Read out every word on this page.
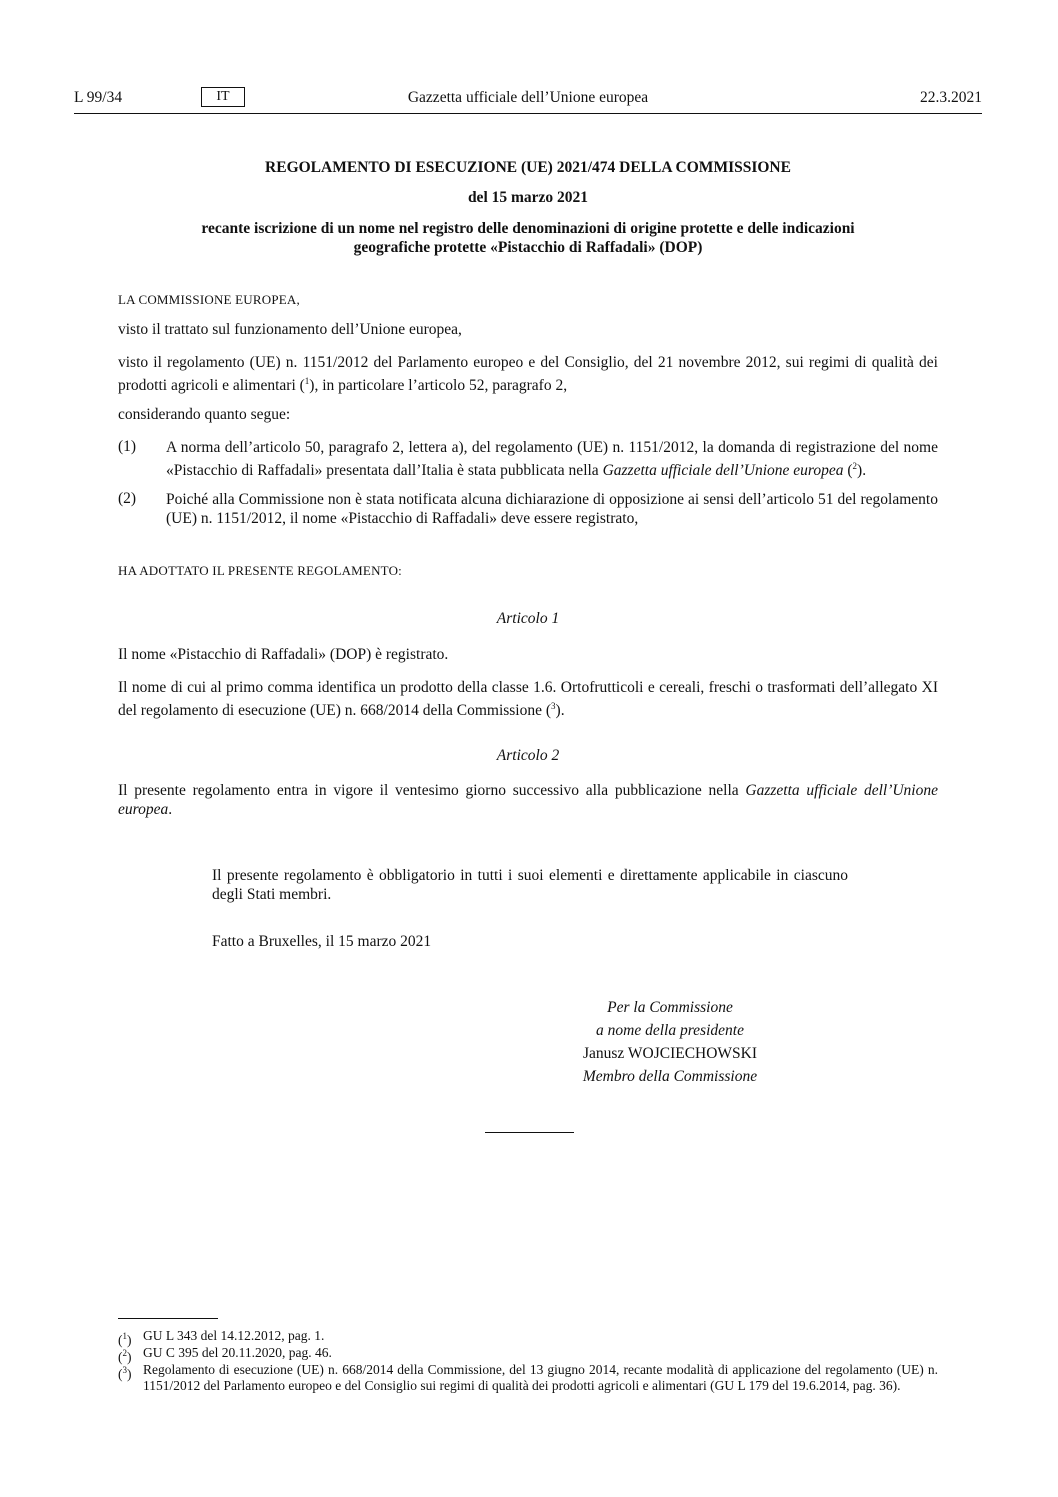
L 99/34	IT	Gazzetta ufficiale dell’Unione europea	22.3.2021
REGOLAMENTO DI ESECUZIONE (UE) 2021/474 DELLA COMMISSIONE
del 15 marzo 2021
recante iscrizione di un nome nel registro delle denominazioni di origine protette e delle indicazioni
geografiche protette «Pistacchio di Raffadali» (DOP)
LA COMMISSIONE EUROPEA,
visto il trattato sul funzionamento dell’Unione europea,
visto il regolamento (UE) n. 1151/2012 del Parlamento europeo e del Consiglio, del 21 novembre 2012, sui regimi di qualità dei prodotti agricoli e alimentari ($^1$), in particolare l’articolo 52, paragrafo 2,
considerando quanto segue:
(1) A norma dell’articolo 50, paragrafo 2, lettera a), del regolamento (UE) n. 1151/2012, la domanda di registrazione del nome «Pistacchio di Raffadali» presentata dall’Italia è stata pubblicata nella Gazzetta ufficiale dell’Unione europea ($^2$).
(2) Poiché alla Commissione non è stata notificata alcuna dichiarazione di opposizione ai sensi dell’articolo 51 del regolamento (UE) n. 1151/2012, il nome «Pistacchio di Raffadali» deve essere registrato,
HA ADOTTATO IL PRESENTE REGOLAMENTO:
Articolo 1
Il nome «Pistacchio di Raffadali» (DOP) è registrato.
Il nome di cui al primo comma identifica un prodotto della classe 1.6. Ortofrutticoli e cereali, freschi o trasformati dell’allegato XI del regolamento di esecuzione (UE) n. 668/2014 della Commissione ($^3$).
Articolo 2
Il presente regolamento entra in vigore il ventesimo giorno successivo alla pubblicazione nella Gazzetta ufficiale dell’Unione europea.
Il presente regolamento è obbligatorio in tutti i suoi elementi e direttamente applicabile in ciascuno degli Stati membri.
Fatto a Bruxelles, il 15 marzo 2021
Per la Commissione
a nome della presidente
Janusz WOJCIECHOWSKI
Membro della Commissione
($^1$) GU L 343 del 14.12.2012, pag. 1.
($^2$) GU C 395 del 20.11.2020, pag. 46.
($^3$) Regolamento di esecuzione (UE) n. 668/2014 della Commissione, del 13 giugno 2014, recante modalità di applicazione del regolamento (UE) n. 1151/2012 del Parlamento europeo e del Consiglio sui regimi di qualità dei prodotti agricoli e alimentari (GU L 179 del 19.6.2014, pag. 36).
